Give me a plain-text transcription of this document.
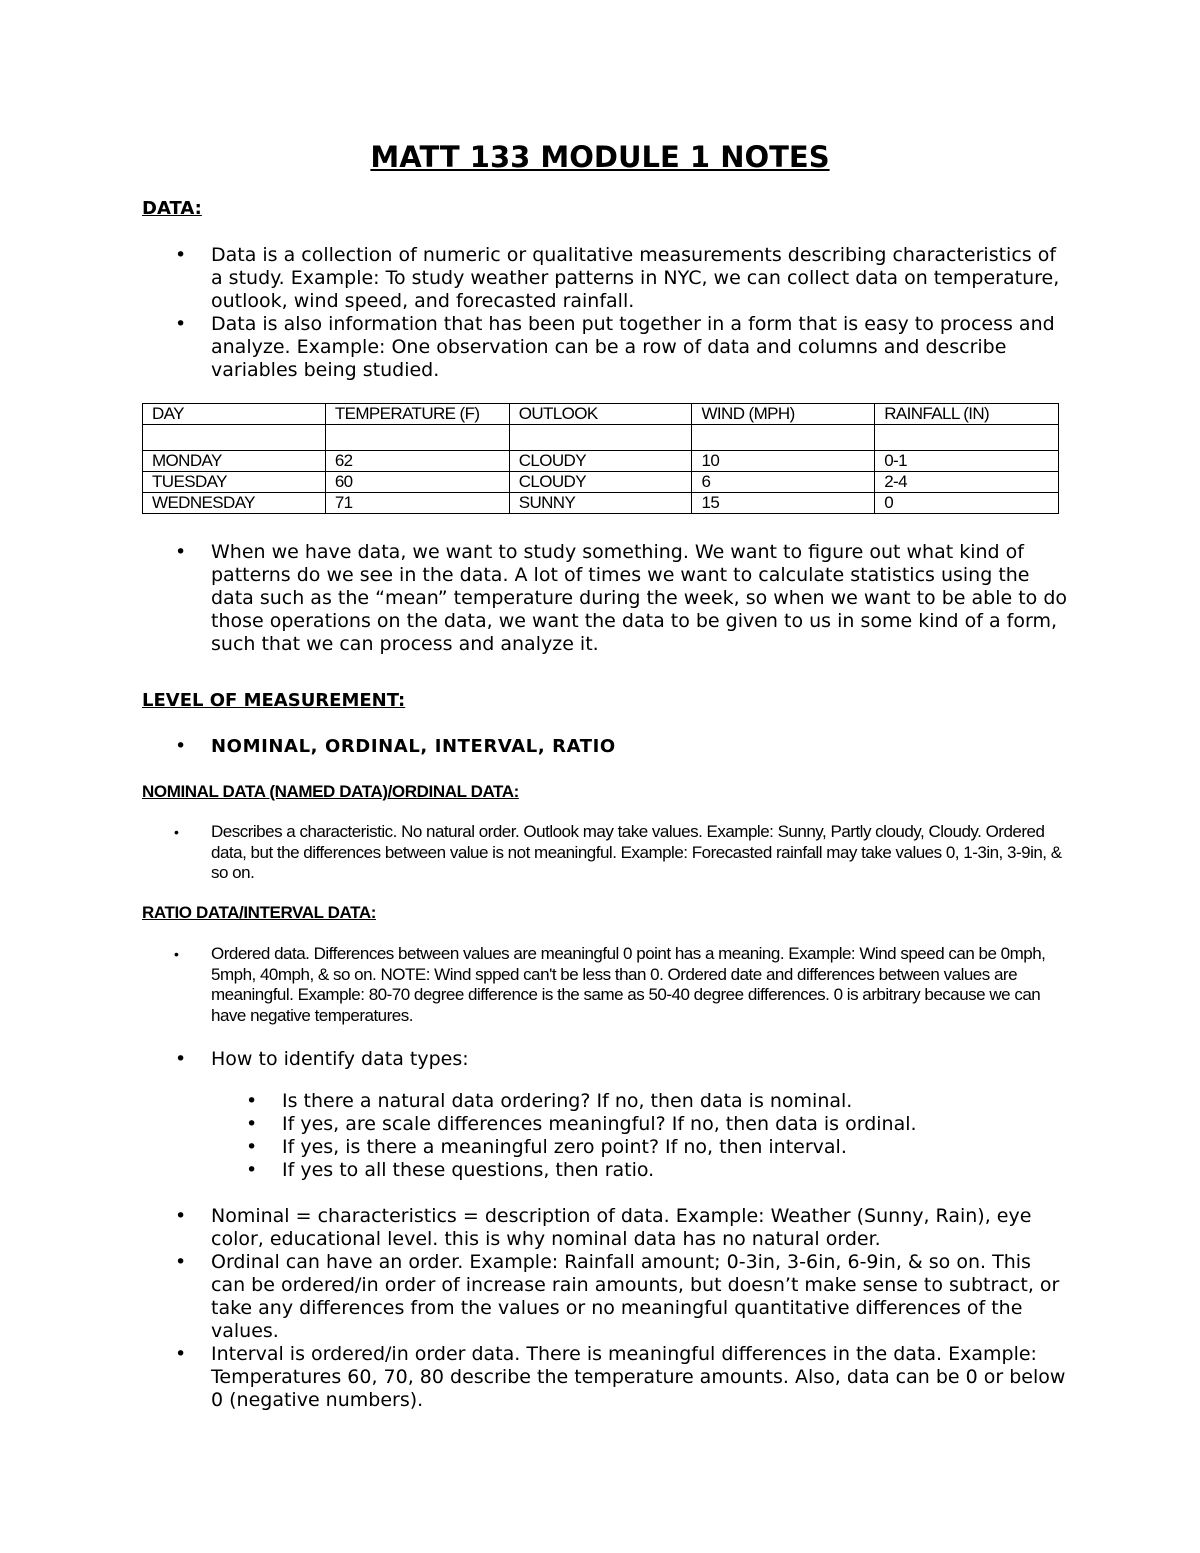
MATT 133 MODULE 1 NOTES
DATA:
• Data is a collection of numeric or qualitative measurements describing characteristics of a study. Example: To study weather patterns in NYC, we can collect data on temperature, outlook, wind speed, and forecasted rainfall.
• Data is also information that has been put together in a form that is easy to process and analyze. Example: One observation can be a row of data and columns and describe variables being studied.
DAY	TEMPERATURE (F)	OUTLOOK	WIND (MPH)	RAINFALL (IN)

MONDAY	62	CLOUDY	10	0-1
TUESDAY	60	CLOUDY	6	2-4
WEDNESDAY	71	SUNNY	15	0
• When we have data, we want to study something. We want to figure out what kind of patterns do we see in the data. A lot of times we want to calculate statistics using the data such as the “mean” temperature during the week, so when we want to be able to do those operations on the data, we want the data to be given to us in some kind of a form, such that we can process and analyze it.
LEVEL OF MEASUREMENT:
• NOMINAL, ORDINAL, INTERVAL, RATIO
NOMINAL DATA (NAMED DATA)/ORDINAL DATA:
• Describes a characteristic. No natural order. Outlook may take values. Example: Sunny, Partly cloudy, Cloudy. Ordered data, but the differences between value is not meaningful. Example: Forecasted rainfall may take values 0, 1-3in, 3-9in, & so on.
RATIO DATA/INTERVAL DATA:
• Ordered data. Differences between values are meaningful 0 point has a meaning. Example: Wind speed can be 0mph, 5mph, 40mph, & so on. NOTE: Wind spped can't be less than 0. Ordered date and differences between values are meaningful. Example: 80-70 degree difference is the same as 50-40 degree differences. 0 is arbitrary because we can have negative temperatures.
• How to identify data types:
• Is there a natural data ordering? If no, then data is nominal.
• If yes, are scale differences meaningful? If no, then data is ordinal.
• If yes, is there a meaningful zero point? If no, then interval.
• If yes to all these questions, then ratio.
• Nominal = characteristics = description of data. Example: Weather (Sunny, Rain), eye color, educational level. this is why nominal data has no natural order.
• Ordinal can have an order. Example: Rainfall amount; 0-3in, 3-6in, 6-9in, & so on. This can be ordered/in order of increase rain amounts, but doesn’t make sense to subtract, or take any differences from the values or no meaningful quantitative differences of the values.
• Interval is ordered/in order data. There is meaningful differences in the data. Example: Temperatures 60, 70, 80 describe the temperature amounts. Also, data can be 0 or below 0 (negative numbers).
